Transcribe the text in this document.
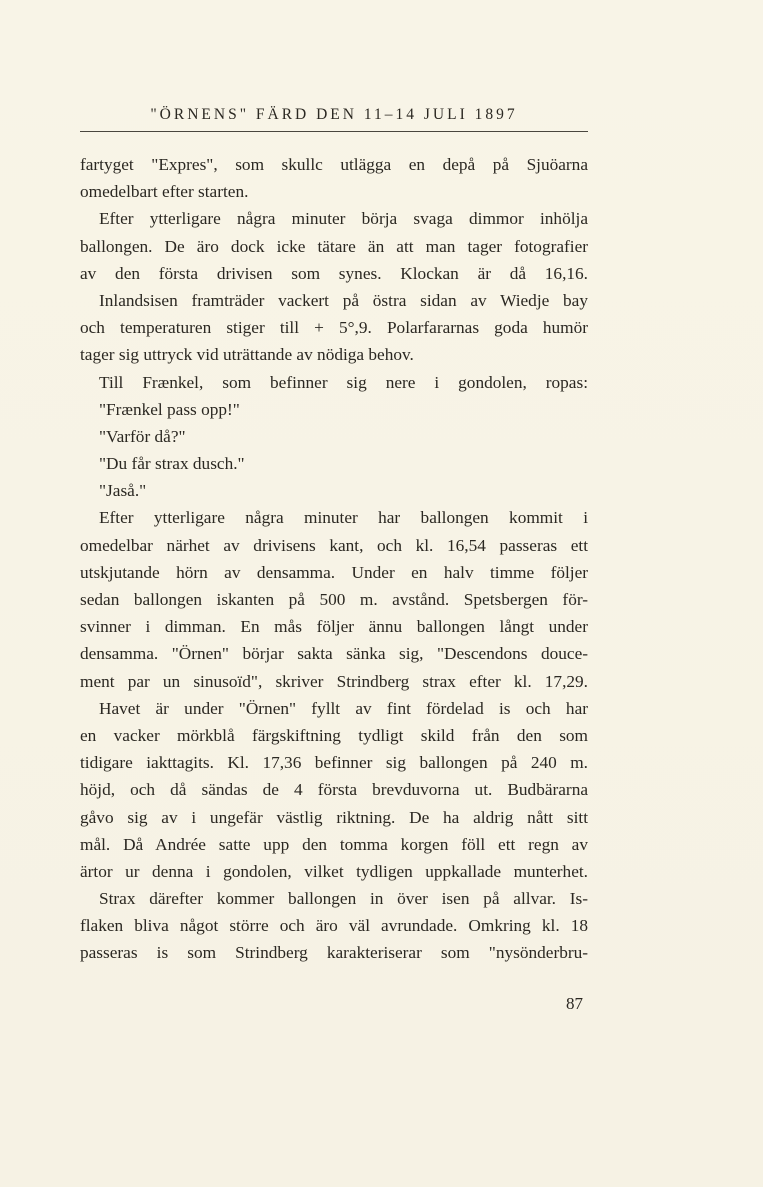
"ÖRNENS" FÄRD DEN 11–14 JULI 1897
fartyget "Expres", som skullc utlägga en depå på Sjuöarna
omedelbart efter starten.
Efter ytterligare några minuter börja svaga dimmor inhölja
ballongen. De äro dock icke tätare än att man tager fotografier
av den första drivisen som synes. Klockan är då 16,16.
Inlandsisen framträder vackert på östra sidan av Wiedje bay
och temperaturen stiger till + 5°,9. Polarfararnas goda humör
tager sig uttryck vid uträttande av nödiga behov.
Till Frænkel, som befinner sig nere i gondolen, ropas:
"Frænkel pass opp!"
"Varför då?"
"Du får strax dusch."
"Jaså."
Efter ytterligare några minuter har ballongen kommit i
omedelbar närhet av drivisens kant, och kl. 16,54 passeras ett
utskjutande hörn av densamma. Under en halv timme följer
sedan ballongen iskanten på 500 m. avstånd. Spetsbergen för-
svinner i dimman. En mås följer ännu ballongen långt under
densamma. "Örnen" börjar sakta sänka sig, "Descendons douce-
ment par un sinusoïd", skriver Strindberg strax efter kl. 17,29.
Havet är under "Örnen" fyllt av fint fördelad is och har
en vacker mörkblå färgskiftning tydligt skild från den som
tidigare iakttagits. Kl. 17,36 befinner sig ballongen på 240 m.
höjd, och då sändas de 4 första brevduvorna ut. Budbärarna
gåvo sig av i ungefär västlig riktning. De ha aldrig nått sitt
mål. Då Andrée satte upp den tomma korgen föll ett regn av
ärtor ur denna i gondolen, vilket tydligen uppkallade munterhet.
Strax därefter kommer ballongen in över isen på allvar. Is-
flaken bliva något större och äro väl avrundade. Omkring kl. 18
passeras is som Strindberg karakteriserar som "nysönderbru-
87
